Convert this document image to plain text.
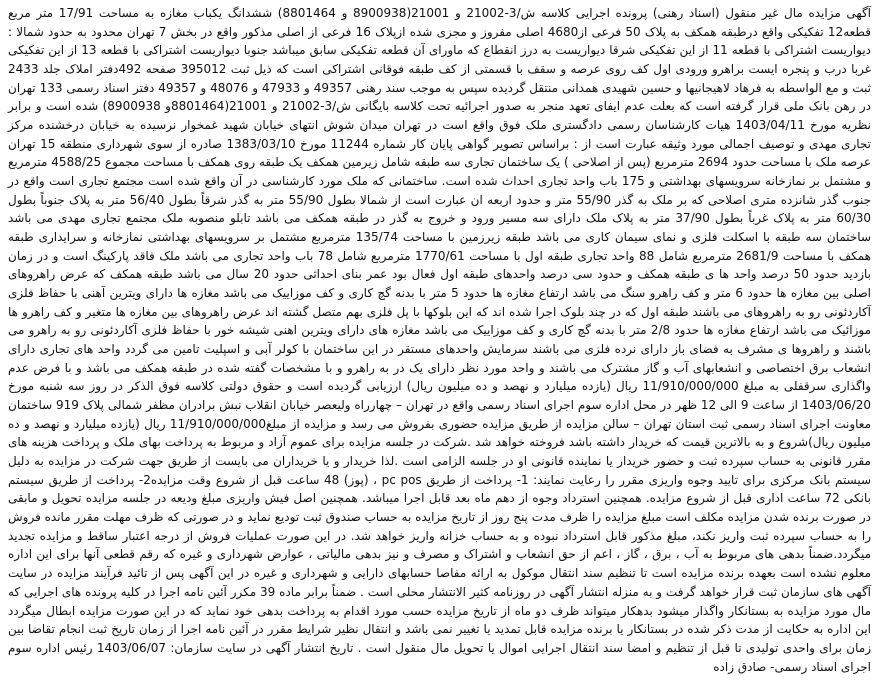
آگهی مزایده مال غیر منقول (اسناد رهنی) پرونده اجرایی کلاسه ش/3-21002 و 21001(8900938 و 8801464) ششدانگ یکباب مغازه به مساحت 17/91 متر مربع قطعه12 تفکیکی واقع درطبقه همکف به پلاک 50 فرعی از4680 اصلی مفروز و مجزی شده ازپلاک 16 فرعی از اصلی مذکور واقع در بخش 7 تهران محدود به حدود شمالا : دیواریست اشتراکی با قطعه 11 از این تفکیکی شرقا دیواریست به درز انقطاع که ماورای آن قطعه تفکیکی سابق میباشد جنوبا دیواریست اشتراکی با قطعه 13 از این تفکیکی غربا درب و پنجره ایست براهرو ورودی اول کف روی عرصه و سقف با قسمتی از کف طبقه فوقانی اشتراکی است که ذیل ثبت 395012 صفحه 492دفتر املاک جلد 2433 ثبت و مع الواسطه به فرهاد لاهیجانیها و حسین شهیدی همدانی منتقل گردیده سپس به موجب سند رهنی 49357 و 47933 و 48076 و 49357 دفتر اسناد رسمی 133 تهران در رهن بانک ملی قرار گرفته است که بعلت عدم ایفای تعهد منجر به صدور اجرائیه تحت کلاسه بایگانی ش/3-21002 و 21001(8801464و 8900938) شده است و برابر نظریه مورخ 1403/04/11 هیات کارشناسان رسمی دادگستری ملک فوق واقع است در تهران میدان شوش انتهای خیابان شهید غمخوار نرسیده به خیابان درخشنده مرکز تجاری مهدی و توصیف اجمالی مورد وثیقه عبارت است از : براساس تصویر گواهی پایان کار شماره 11244 مورخ 1383/03/10 صادره از سوی شهرداری منطقه 15 تهران عرصه ملک با مساحت حدود 2694 مترمربع (پس از اصلاحی ) یک ساختمان تجاری سه طبقه شامل زیرمین همکف یک طبقه روی همکف با مساحت مجموع 4588/25 مترمربع و مشتمل بر نمازخانه سرویسهای بهداشتی و 175 باب واحد تجاری احداث شده است. ساختمانی که ملک مورد کارشناسی در آن واقع شده است مجتمع تجاری است واقع در جنوب گذر شانزده متری اصلاحی که بر ملک به گذر 55/90 متر و حدود اربعه ان عبارت است از شمالا بطول 55/90 متر به گذر شرقاً بطول 56/40 متر به پلاک جنوباً بطول 60/30 متر به پلاک غرباً بطول 37/90 متر به پلاک ملک دارای سه مسیر ورود و خروج به گذر در طبقه همکف می باشد تابلو منصوبه ملک مجتمع تجاری مهدی می باشد ساختمان سه طبقه با اسکلت فلزی و نمای سیمان کاری می باشد طبقه زیرزمین با مساحت 135/74 مترمربع مشتمل بر سرویسهای بهداشتی نمازخانه و سرایداری طبقه همکف با مساحت 2681/9 مترمربع شامل 88 واحد تجاری طبقه اول با مساحت 1770/61 مترمربع شامل 78 باب واحد تجاری می باشد ملک فاقد پارکینگ است و در زمان بازدید حدود 50 درصد واحد ها ی طبقه همکف و حدود سی درصد واحدهای طبقه اول فعال بود عمر بنای احداثی حدود 20 سال می باشد طبقه همکف که عرض راهروهای اصلی بین مغازه ها حدود 6 متر و کف راهرو سنگ می باشد ارتفاع مغازه ها حدود 5 متر با بدنه گچ کاری و کف موزاییک می باشد مغازه ها دارای ویترین آهنی با حفاظ فلزی آکاردئونی رو به راهروهای می باشند طبقه اول که در چند بلوک اجرا شده اند که این بلوکها با پل فلزی بهم متصل گشته اند عرض راهروهای بین مغازه ها متغیر و کف راهرو ها موزائیک می باشد ارتفاع مغازه ها حدود 2/8 متر با بدنه گچ کاری و کف موزاییک می باشد مغازه های دارای ویترین اهنی شیشه خور با حفاظ فلزی آکاردئونی رو به راهرو می باشند و راهروها ی مشرف به فضای باز دارای نرده فلزی می باشند سرمایش واحدهای مستقر در این ساختمان با کولر آبی و اسپلیت تامین می گردد واحد های تجاری دارای انشعاب برق اختصاصی و انشعابهای آب و گاز مشترک می باشند و واحد مورد نظر دارای یک در به راهرو و با مشخصات گفته شده در طبقه همکف می باشد و با فرض عدم واگذاری سرقفلی به مبلغ 11/910/000/000 ریال (یازده میلیارد و نهصد و ده میلیون ریال) ارزیابی گردیده است و حقوق دولتی کلاسه فوق الذکر در روز سه شنبه مورخ 1403/06/20 از ساعت 9 الی 12 ظهر در محل اداره سوم اجرای اسناد رسمی واقع در تهران – چهارراه ولیعصر خیابان انقلاب نبش برادران مظفر شمالی پلاک 919 ساختمان معاونت اجرای اسناد رسمی ثبت استان تهران – سالن مزایده از طریق مزایده حضوری بفروش می رسد و مزایده از مبلغ11/910/000/000 ریال (یازده میلیارد و نهصد و ده میلیون ریال)شروع و به بالاترین قیمت که خریدار داشته باشد فروخته خواهد شد .شرکت در جلسه مزایده برای عموم آزاد و مربوط به پرداخت بهای ملک و پرداخت هزینه های مقرر قانونی به حساب سپرده ثبت و حضور خریدار یا نماینده قانونی او در جلسه الزامی است .لذا خریدار و یا خریداران می بایست از طریق جهت شرکت در مزایده به دلیل سیستم بانک مرکزی برای تایید وجوه واریزی مقرر را رعایت نمایند: 1- پرداخت از طریق pc pos ، (پوز) 48 ساعت قبل از شروع وقت مزایده2- پرداخت از طریق سیستم بانکی 72 ساعت اداری قبل از شروع مزایده. همچنین استرداد وجوه از دهم ماه بعد قابل اجرا میباشد. همچنین اصل فیش واریزی مبلغ ودیعه در جلسه مزایده تحویل و مابقی در صورت برنده شدن مزایده مکلف است مبلغ مزایده را ظرف مدت پنج روز از تاریخ مزایده به حساب صندوق ثبت تودیع نماید و در صورتی که ظرف مهلت مقرر مانده فروش را به حساب سپرده ثبت واریز نکند، مبلغ مذکور قابل استرداد نبوده و به حساب خزانه واریز خواهد شد. در این صورت عملیات فروش از درجه اعتبار ساقط و مزایده تجدید میگردد.ضمناً بدهی های مربوط به آب ، برق ، گاز ، اعم از حق انشعاب و اشتراک و مصرف و نیز بدهی مالیاتی ، عوارض شهرداری و غیره که رقم قطعی آنها برای این اداره معلوم نشده است بعهده برنده مزایده است تا تنظیم سند انتقال موکول به ارائه مفاصا حسابهای دارایی و شهرداری و غیره در این آگهی پس از تائید فرآیند مزایده در سایت آگهی های سازمان ثبت قرار خواهد گرفت و به منزله انتشار آگهی در روزنامه کثیر الانتشار محلی است . ضمناً برابر ماده 39 مکرر آئین نامه اجرا در کلیه پرونده های اجرایی که مال مورد مزایده به بستانکار واگذار میشود بدهکار میتواند ظرف دو ماه از تاریخ مزایده حسب مورد اقدام به پرداخت بدهی خود نماید که در این صورت مزایده ابطال میگردد این اداره به حکایت از مدت ذکر شده در بستانکار یا برنده مزایده قابل تمدید یا تغییر نمی باشد و انتقال نظیر شرایط مقرر در آئین نامه اجرا از زمان تاریخ ثبت انجام تقاضا بین زمان برای واحدی تولیدی تا قبل از تنظیم و امضا سند انتقال اجرایی اموال یا تحویل مال منقول است . تاریخ انتشار آگهی در سایت سازمان: 1403/06/07 رئیس اداره سوم اجرای اسناد رسمی- صادق زاده
